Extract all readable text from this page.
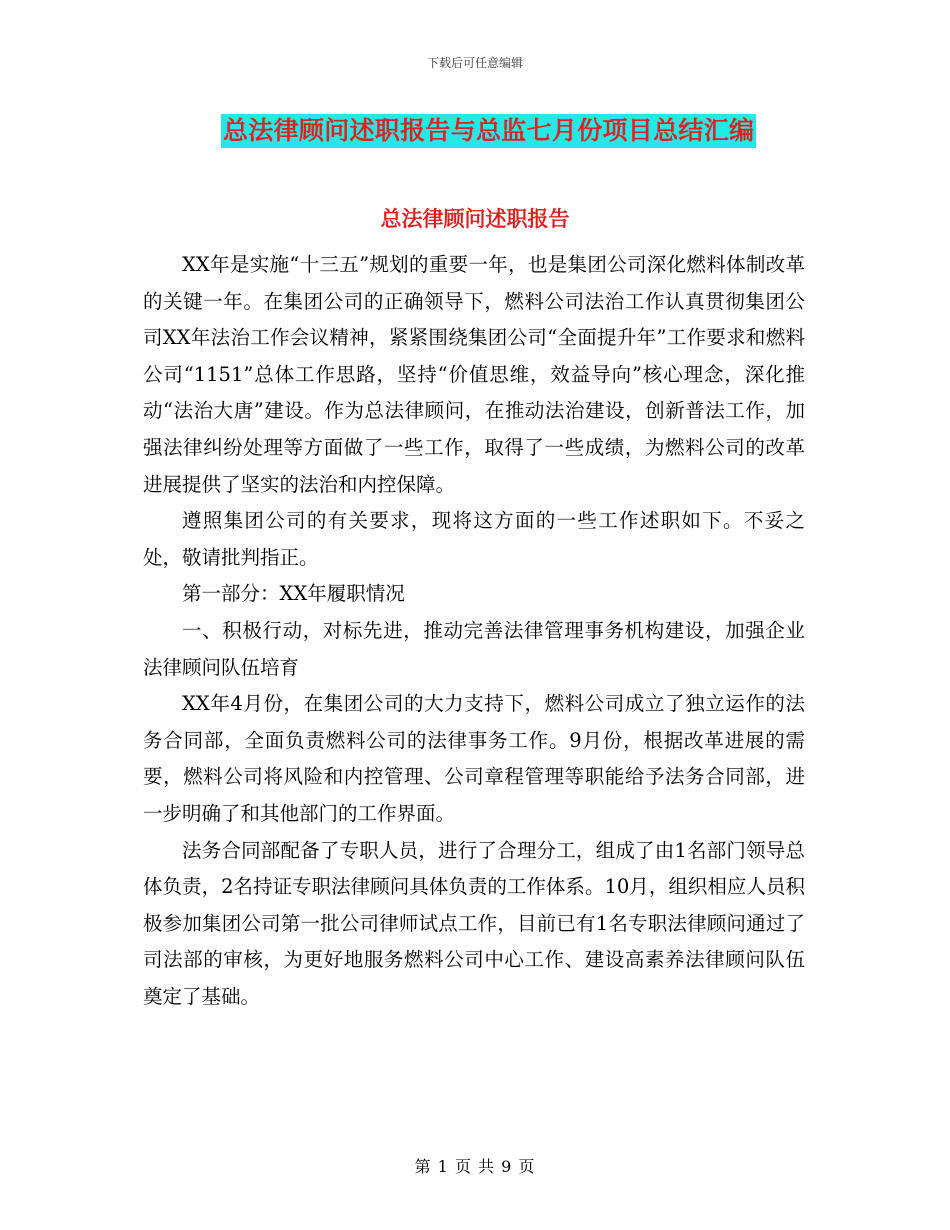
下载后可任意编辑
总法律顾问述职报告与总监七月份项目总结汇编
总法律顾问述职报告

XX年是实施“十三五”规划的重要一年，也是集团公司深化燃料体制改革的关键一年。在集团公司的正确领导下，燃料公司法治工作认真贯彻集团公司XX年法治工作会议精神，紧紧围绕集团公司“全面提升年”工作要求和燃料公司“1151”总体工作思路，坚持“价值思维，效益导向”核心理念，深化推动“法治大唐”建设。作为总法律顾问，在推动法治建设，创新普法工作，加强法律纠纷处理等方面做了一些工作，取得了一些成绩，为燃料公司的改革进展提供了坚实的法治和内控保障。

遵照集团公司的有关要求，现将这方面的一些工作述职如下。不妥之处，敬请批判指正。

第一部分：XX年履职情况

一、积极行动，对标先进，推动完善法律管理事务机构建设，加强企业法律顾问队伍培育

XX年4月份，在集团公司的大力支持下，燃料公司成立了独立运作的法务合同部，全面负责燃料公司的法律事务工作。9月份，根据改革进展的需要，燃料公司将风险和内控管理、公司章程管理等职能给予法务合同部，进一步明确了和其他部门的工作界面。

法务合同部配备了专职人员，进行了合理分工，组成了由1名部门领导总体负责，2名持证专职法律顾问具体负责的工作体系。10月，组织相应人员积极参加集团公司第一批公司律师试点工作，目前已有1名专职法律顾问通过了司法部的审核，为更好地服务燃料公司中心工作、建设高素养法律顾问队伍奠定了基础。

第 1 页 共 9 页
